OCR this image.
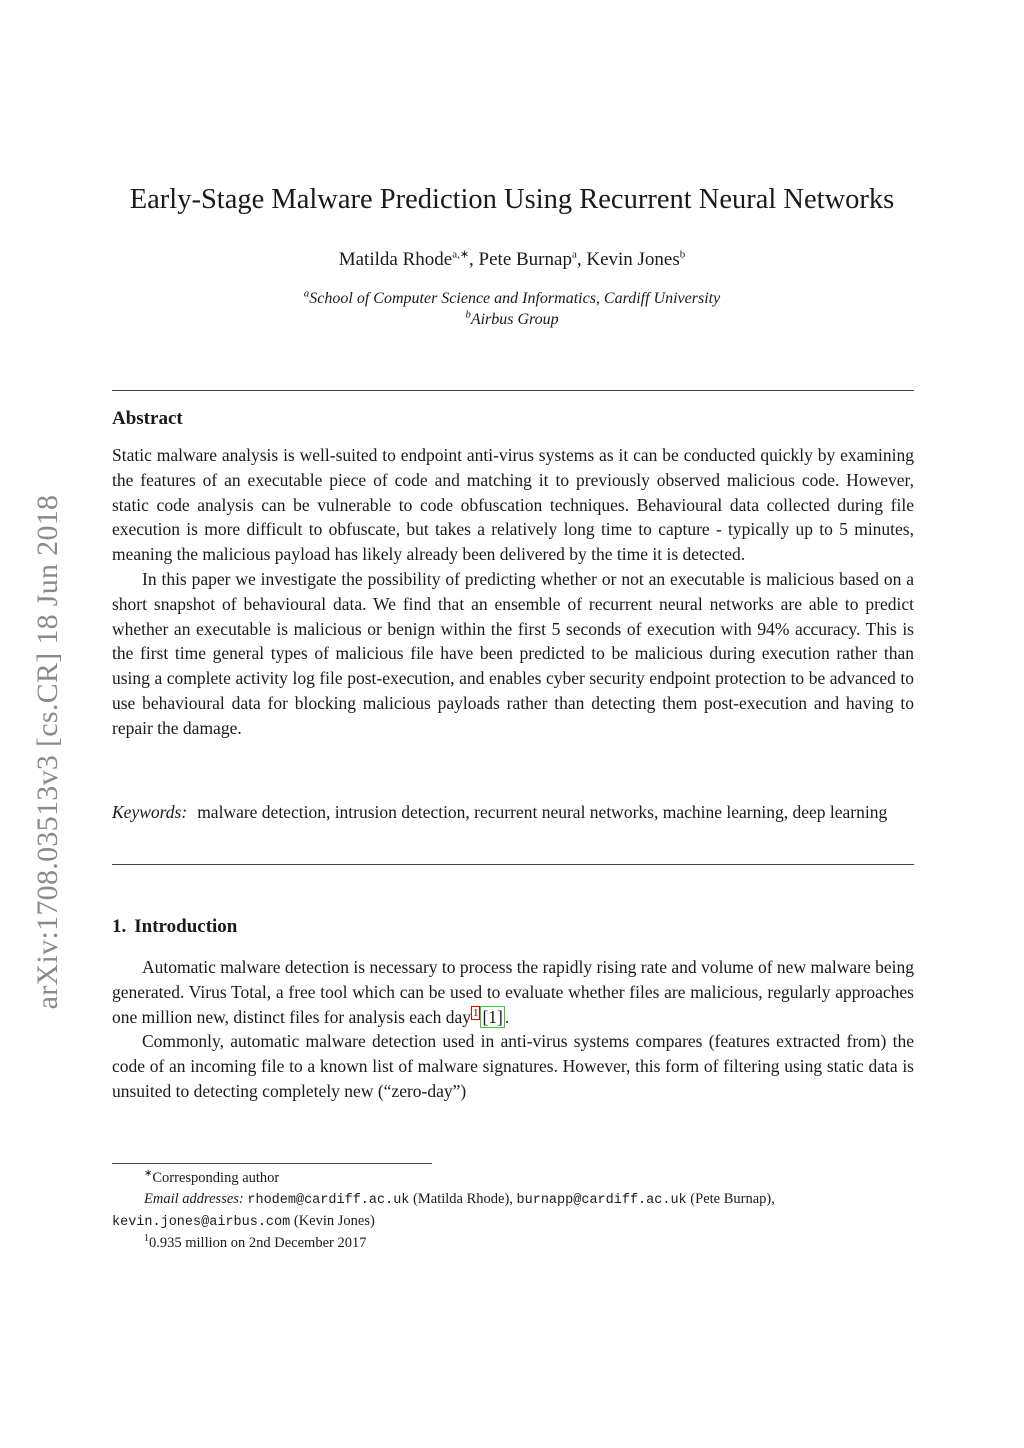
arXiv:1708.03513v3 [cs.CR] 18 Jun 2018
Early-Stage Malware Prediction Using Recurrent Neural Networks
Matilda Rhode$^{a,∗}$, Pete Burnap$^a$, Kevin Jones$^b$
$^a$School of Computer Science and Informatics, Cardiff University
$^b$Airbus Group
Abstract

Static malware analysis is well-suited to endpoint anti-virus systems as it can be conducted quickly by examining the features of an executable piece of code and matching it to previously observed malicious code. However, static code analysis can be vulnerable to code obfuscation techniques. Behavioural data collected during file execution is more difficult to obfuscate, but takes a relatively long time to capture - typically up to 5 minutes, meaning the malicious payload has likely already been delivered by the time it is detected.

In this paper we investigate the possibility of predicting whether or not an executable is malicious based on a short snapshot of behavioural data. We find that an ensemble of recurrent neural networks are able to predict whether an executable is malicious or benign within the first 5 seconds of execution with 94% accuracy. This is the first time general types of malicious file have been predicted to be malicious during execution rather than using a complete activity log file post-execution, and enables cyber security endpoint protection to be advanced to use behavioural data for blocking malicious payloads rather than detecting them post-execution and having to repair the damage.

Keywords: malware detection, intrusion detection, recurrent neural networks, machine learning, deep learning
1. Introduction

Automatic malware detection is necessary to process the rapidly rising rate and volume of new malware being generated. Virus Total, a free tool which can be used to evaluate whether files are malicious, regularly approaches one million new, distinct files for analysis each day $^1$ [1] .

Commonly, automatic malware detection used in anti-virus systems compares (features extracted from) the code of an incoming file to a known list of malware signatures. However, this form of filtering using static data is unsuited to detecting completely new (“zero-day”)

∗Corresponding author

Email addresses: rhodem@cardiff.ac.uk (Matilda Rhode), burnapp@cardiff.ac.uk (Pete Burnap),

kevin.jones@airbus.com (Kevin Jones)

$^1$0.935 million on 2nd December 2017
